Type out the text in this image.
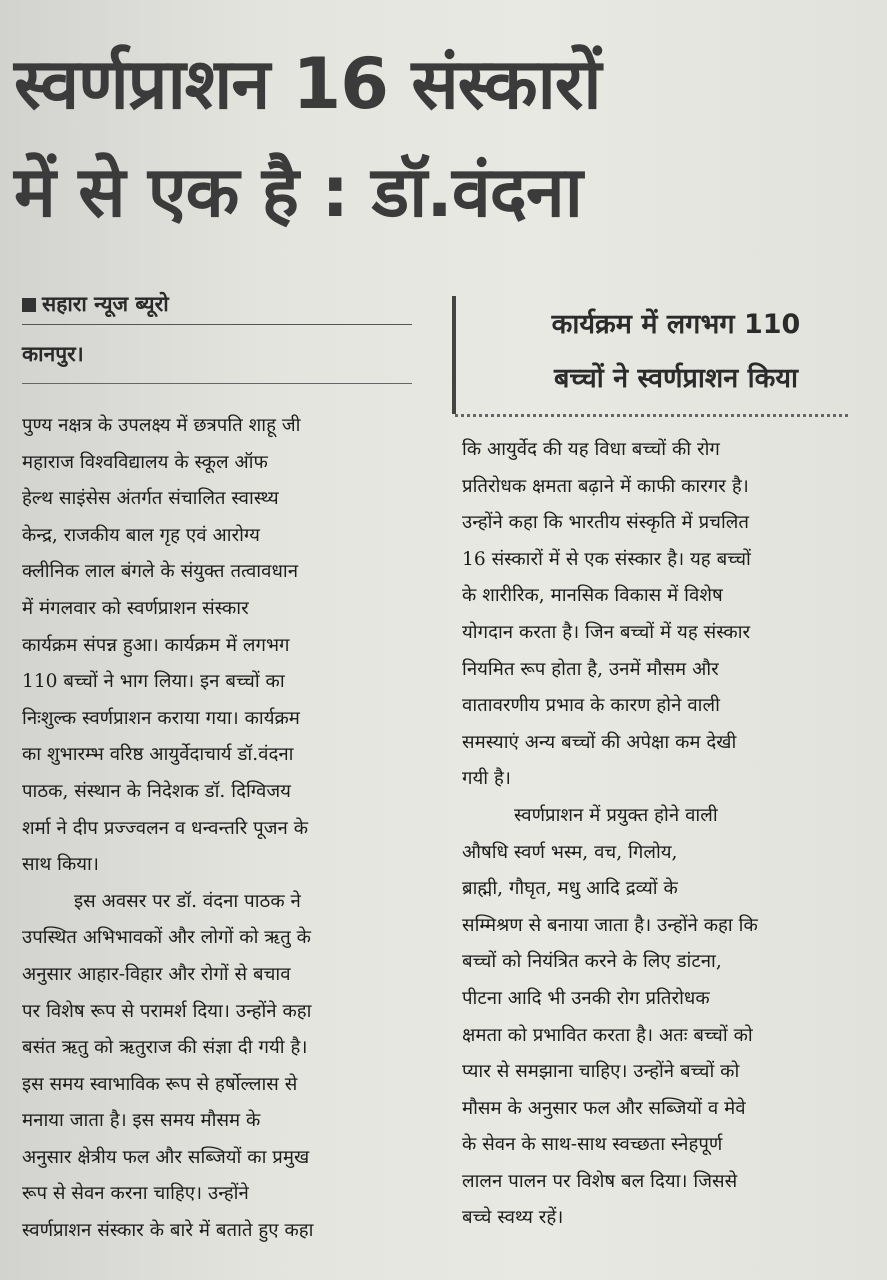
स्वर्णप्राशन 16 संस्कारों
में से एक है : डॉ.वंदना
सहारा न्यूज ब्यूरो
कानपुर।
कार्यक्रम में लगभग 110
बच्चों ने स्वर्णप्राशन किया
पुण्य नक्षत्र के उपलक्ष्य में छत्रपति शाहू जी
महाराज विश्वविद्यालय के स्कूल ऑफ
हेल्थ साइंसेस अंतर्गत संचालित स्वास्थ्य
केन्द्र, राजकीय बाल गृह एवं आरोग्य
क्लीनिक लाल बंगले के संयुक्त तत्वावधान
में मंगलवार को स्वर्णप्राशन संस्कार
कार्यक्रम संपन्न हुआ। कार्यक्रम में लगभग
110 बच्चों ने भाग लिया। इन बच्चों का
निःशुल्क स्वर्णप्राशन कराया गया। कार्यक्रम
का शुभारम्भ वरिष्ठ आयुर्वेदाचार्य डॉ.वंदना
पाठक, संस्थान के निदेशक डॉ. दिग्विजय
शर्मा ने दीप प्रज्ज्वलन व धन्वन्तरि पूजन के
साथ किया।
इस अवसर पर डॉ. वंदना पाठक ने
उपस्थित अभिभावकों और लोगों को ऋतु के
अनुसार आहार-विहार और रोगों से बचाव
पर विशेष रूप से परामर्श दिया। उन्होंने कहा
बसंत ऋतु को ऋतुराज की संज्ञा दी गयी है।
इस समय स्वाभाविक रूप से हर्षोल्लास से
मनाया जाता है। इस समय मौसम के
अनुसार क्षेत्रीय फल और सब्जियों का प्रमुख
रूप से सेवन करना चाहिए। उन्होंने
स्वर्णप्राशन संस्कार के बारे में बताते हुए कहा
कि आयुर्वेद की यह विधा बच्चों की रोग
प्रतिरोधक क्षमता बढ़ाने में काफी कारगर है।
उन्होंने कहा कि भारतीय संस्कृति में प्रचलित
16 संस्कारों में से एक संस्कार है। यह बच्चों
के शारीरिक, मानसिक विकास में विशेष
योगदान करता है। जिन बच्चों में यह संस्कार
नियमित रूप होता है, उनमें मौसम और
वातावरणीय प्रभाव के कारण होने वाली
समस्याएं अन्य बच्चों की अपेक्षा कम देखी
गयी है।
स्वर्णप्राशन में प्रयुक्त होने वाली
औषधि स्वर्ण भस्म, वच, गिलोय,
ब्राह्मी, गौघृत, मधु आदि द्रव्यों के
सम्मिश्रण से बनाया जाता है। उन्होंने कहा कि
बच्चों को नियंत्रित करने के लिए डांटना,
पीटना आदि भी उनकी रोग प्रतिरोधक
क्षमता को प्रभावित करता है। अतः बच्चों को
प्यार से समझाना चाहिए। उन्होंने बच्चों को
मौसम के अनुसार फल और सब्जियों व मेवे
के सेवन के साथ-साथ स्वच्छता स्नेहपूर्ण
लालन पालन पर विशेष बल दिया। जिससे
बच्चे स्वथ्य रहें।
